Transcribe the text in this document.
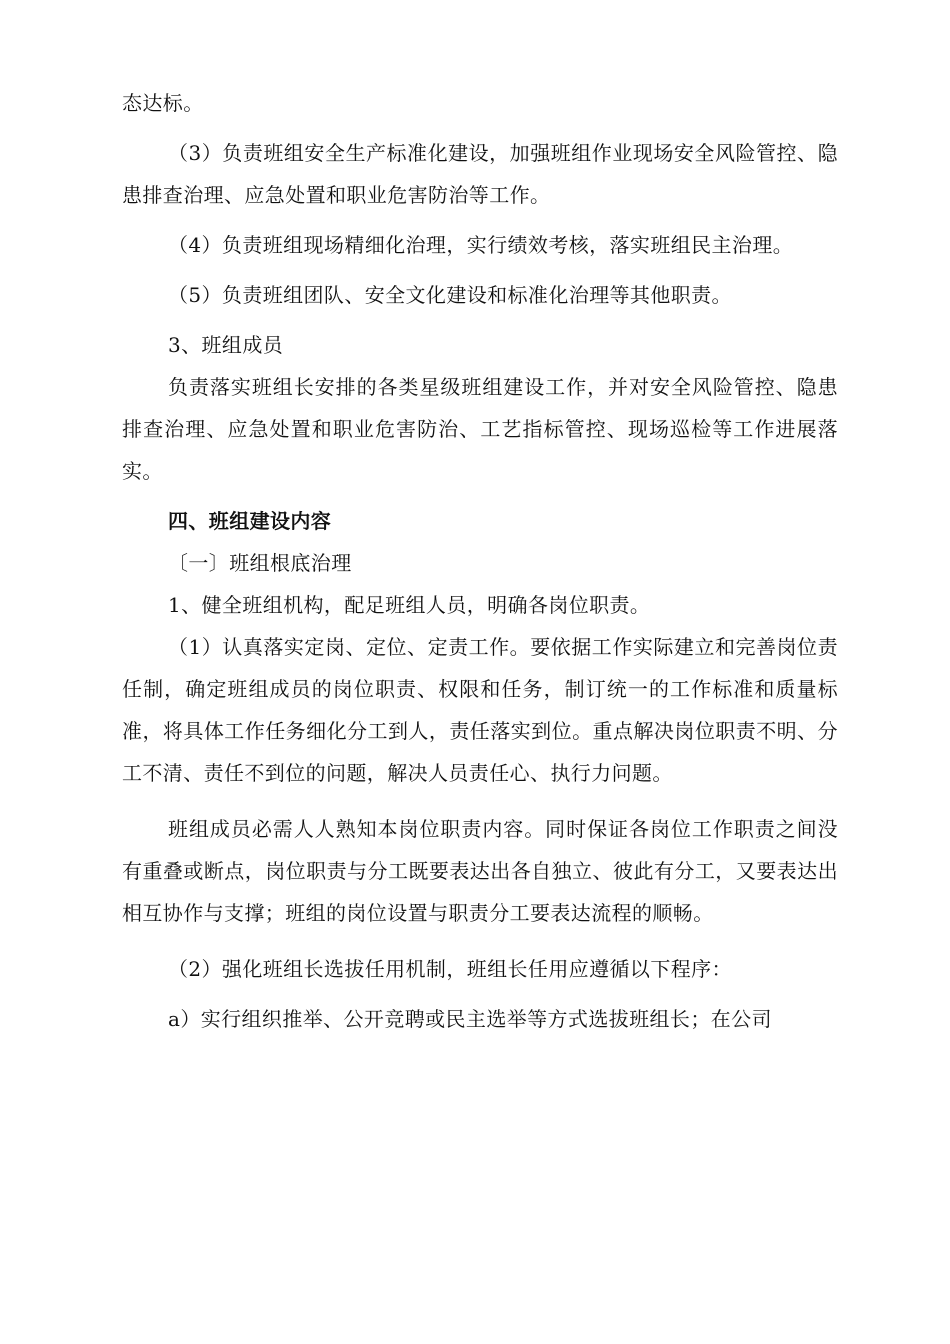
态达标。

（3）负责班组安全生产标准化建设，加强班组作业现场安全风险管控、隐患排查治理、应急处置和职业危害防治等工作。

（4）负责班组现场精细化治理，实行绩效考核，落实班组民主治理。

（5）负责班组团队、安全文化建设和标准化治理等其他职责。

3、班组成员

负责落实班组长安排的各类星级班组建设工作，并对安全风险管控、隐患排查治理、应急处置和职业危害防治、工艺指标管控、现场巡检等工作进展落实。

四、班组建设内容

〔一〕班组根底治理

1、健全班组机构，配足班组人员，明确各岗位职责。

（1）认真落实定岗、定位、定责工作。要依据工作实际建立和完善岗位责任制，确定班组成员的岗位职责、权限和任务，制订统一的工作标准和质量标准，将具体工作任务细化分工到人，责任落实到位。重点解决岗位职责不明、分工不清、责任不到位的问题，解决人员责任心、执行力问题。

班组成员必需人人熟知本岗位职责内容。同时保证各岗位工作职责之间没有重叠或断点，岗位职责与分工既要表达出各自独立、彼此有分工，又要表达出相互协作与支撑；班组的岗位设置与职责分工要表达流程的顺畅。

（2）强化班组长选拔任用机制，班组长任用应遵循以下程序：

a）实行组织推举、公开竞聘或民主选举等方式选拔班组长；在公司
